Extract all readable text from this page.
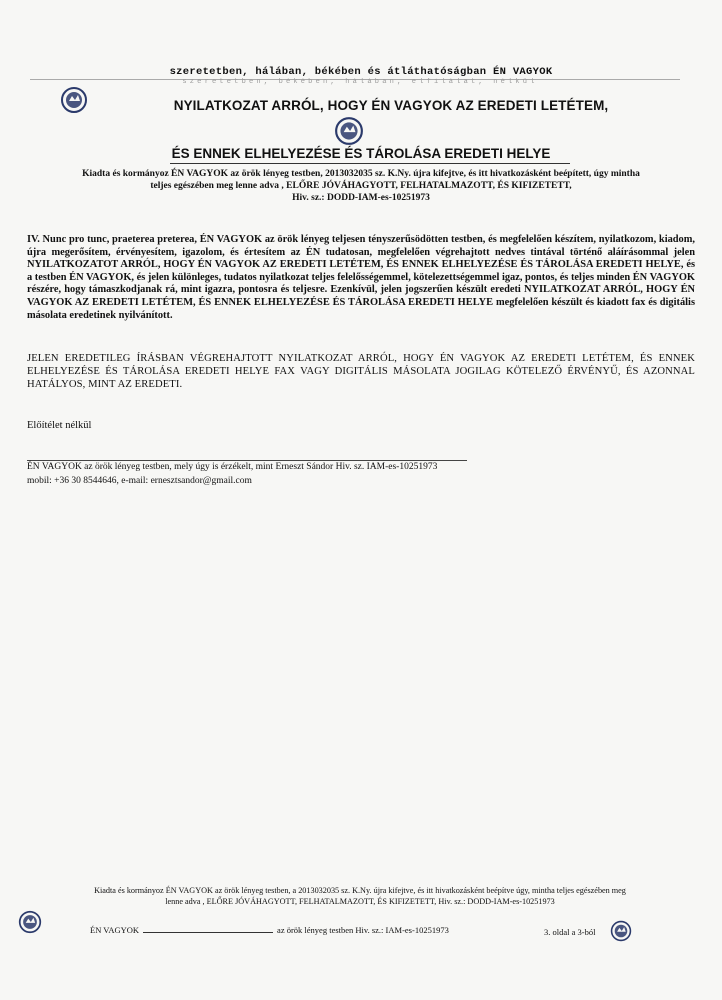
szeretetben, hálában, békében és átláthatóságban ÉN VAGYOK
szeretetben, békében, hálában, elfilálat, nélkül
NYILATKOZAT ARRÓL, HOGY ÉN VAGYOK AZ EREDETI LETÉTEM,
ÉS ENNEK ELHELYEZÉSE ÉS TÁROLÁSA EREDETI HELYE
Kiadta és kormányoz ÉN VAGYOK az örök lényeg testben, 2013032035 sz. K.Ny. újra kifejtve, és itt hivatkozásként beépített, úgy mintha
teljes egészében meg lenne adva , ELŐRE JÓVÁHAGYOTT, FELHATALMAZOTT, ÉS KIFIZETETT,
Hiv. sz.: DODD-IAM-es-10251973
IV. Nunc pro tunc, praeterea preterea, ÉN VAGYOK az örök lényeg teljesen tényszerűsödötten testben, és megfelelően készítem, nyilatkozom, kiadom, újra megerősítem, érvényesítem, igazolom, és értesítem az ÉN tudatosan, megfelelően végrehajtott nedves tintával történő aláírásommal jelen NYILATKOZATOT ARRÓL, HOGY ÉN VAGYOK AZ EREDETI LETÉTEM, ÉS ENNEK ELHELYEZÉSE ÉS TÁROLÁSA EREDETI HELYE, és a testben ÉN VAGYOK, és jelen különleges, tudatos nyilatkozat teljes felelősségemmel, kötelezettségemmel igaz, pontos, és teljes minden ÉN VAGYOK részére, hogy támaszkodjanak rá, mint igazra, pontosra és teljesre. Ezenkívül, jelen jogszerűen készült eredeti NYILATKOZAT ARRÓL, HOGY ÉN VAGYOK AZ EREDETI LETÉTEM, ÉS ENNEK ELHELYEZÉSE ÉS TÁROLÁSA EREDETI HELYE megfelelően készült és kiadott fax és digitális másolata eredetinek nyilvánított.
JELEN EREDETILEG ÍRÁSBAN VÉGREHAJTOTT NYILATKOZAT ARRÓL, HOGY ÉN VAGYOK AZ EREDETI LETÉTEM, ÉS ENNEK ELHELYEZÉSE ÉS TÁROLÁSA EREDETI HELYE FAX VAGY DIGITÁLIS MÁSOLATA JOGILAG KÖTELEZŐ ÉRVÉNYŰ, ÉS AZONNAL HATÁLYOS, MINT AZ EREDETI.
Előítélet nélkül
ÉN VAGYOK az örök lényeg testben, mely úgy is érzékelt, mint Erneszt Sándor Hiv. sz. IAM-es-10251973
mobil: +36 30 8544646, e-mail: ernesztsandor@gmail.com
Kiadta és kormányoz ÉN VAGYOK az örök lényeg testben, a 2013032035 sz. K.Ny. újra kifejtve, és itt hivatkozásként beépítve úgy, mintha teljes egészében meg
lenne adva , ELŐRE JÓVÁHAGYOTT, FELHATALMAZOTT, ÉS KIFIZETETT, Hiv. sz.: DODD-IAM-es-10251973
ÉN VAGYOK	az örök lényeg testben Hiv. sz.: IAM-es-10251973	3. oldal a 3-ból
